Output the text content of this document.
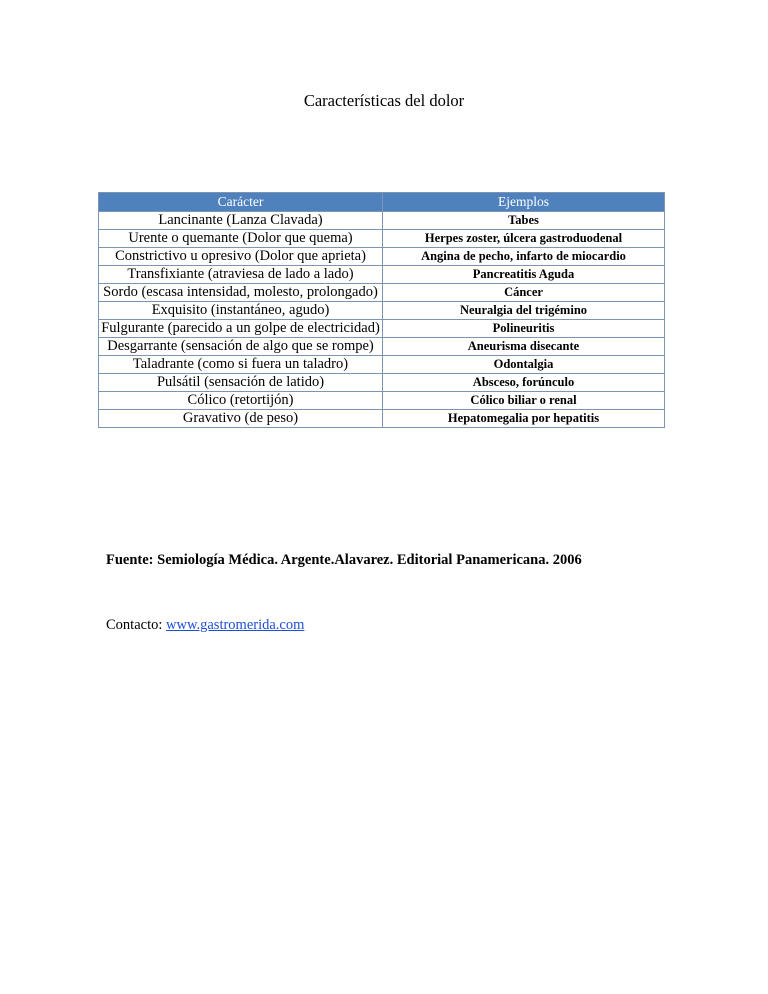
Características del dolor
Carácter	Ejemplos
Lancinante (Lanza Clavada)	Tabes
Urente o quemante (Dolor que quema)	Herpes zoster, úlcera gastroduodenal
Constrictivo u opresivo (Dolor que aprieta)	Angina de pecho, infarto de miocardio
Transfixiante (atraviesa de lado a lado)	Pancreatitis Aguda
Sordo (escasa intensidad, molesto, prolongado)	Cáncer
Exquisito (instantáneo, agudo)	Neuralgia del trigémino
Fulgurante (parecido a un golpe de electricidad)	Polineuritis
Desgarrante (sensación de algo que se rompe)	Aneurisma disecante
Taladrante (como si fuera un taladro)	Odontalgia
Pulsátil (sensación de latido)	Absceso, forúnculo
Cólico (retortijón)	Cólico biliar o renal
Gravativo (de peso)	Hepatomegalia por hepatitis
Fuente: Semiología Médica. Argente.Alavarez. Editorial Panamericana. 2006
Contacto: www.gastromerida.com
